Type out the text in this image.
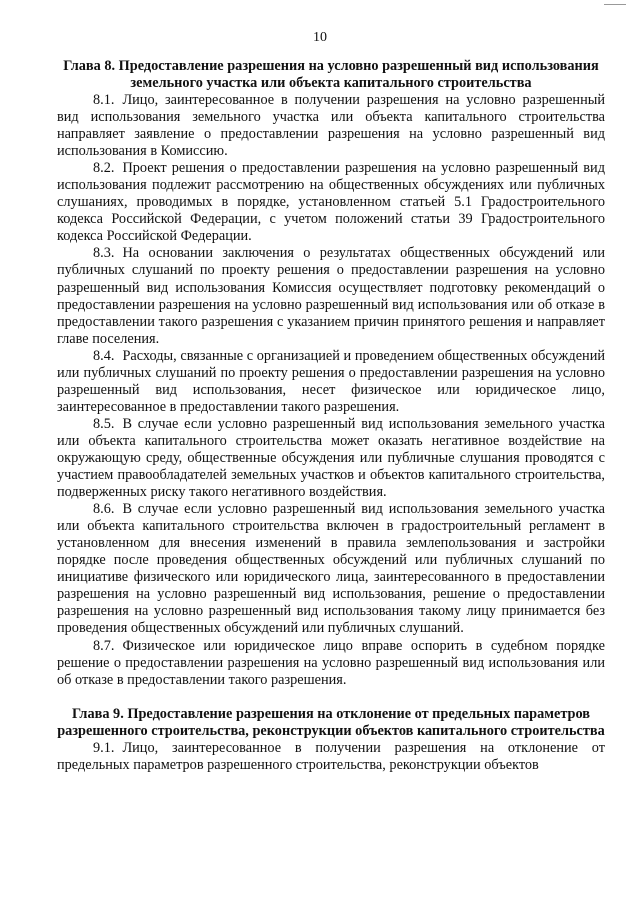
10
Глава 8. Предоставление разрешения на условно разрешенный вид использования земельного участка или объекта капитального строительства

8.1. Лицо, заинтересованное в получении разрешения на условно разрешенный вид использования земельного участка или объекта капитального строительства направляет заявление о предоставлении разрешения на условно разрешенный вид использования в Комиссию.

8.2. Проект решения о предоставлении разрешения на условно разрешенный вид использования подлежит рассмотрению на общественных обсуждениях или публичных слушаниях, проводимых в порядке, установленном статьей 5.1 Градостроительного кодекса Российской Федерации, с учетом положений статьи 39 Градостроительного кодекса Российской Федерации.

8.3. На основании заключения о результатах общественных обсуждений или публичных слушаний по проекту решения о предоставлении разрешения на условно разрешенный вид использования Комиссия осуществляет подготовку рекомендаций о предоставлении разрешения на условно разрешенный вид использования или об отказе в предоставлении такого разрешения с указанием причин принятого решения и направляет главе поселения.

8.4. Расходы, связанные с организацией и проведением общественных обсуждений или публичных слушаний по проекту решения о предоставлении разрешения на условно разрешенный вид использования, несет физическое или юридическое лицо, заинтересованное в предоставлении такого разрешения.

8.5. В случае если условно разрешенный вид использования земельного участка или объекта капитального строительства может оказать негативное воздействие на окружающую среду, общественные обсуждения или публичные слушания проводятся с участием правообладателей земельных участков и объектов капитального строительства, подверженных риску такого негативного воздействия.

8.6. В случае если условно разрешенный вид использования земельного участка или объекта капитального строительства включен в градостроительный регламент в установленном для внесения изменений в правила землепользования и застройки порядке после проведения общественных обсуждений или публичных слушаний по инициативе физического или юридического лица, заинтересованного в предоставлении разрешения на условно разрешенный вид использования, решение о предоставлении разрешения на условно разрешенный вид использования такому лицу принимается без проведения общественных обсуждений или публичных слушаний.

8.7. Физическое или юридическое лицо вправе оспорить в судебном порядке решение о предоставлении разрешения на условно разрешенный вид использования или об отказе в предоставлении такого разрешения.

Глава 9. Предоставление разрешения на отклонение от предельных параметров разрешенного строительства, реконструкции объектов капитального строительства

9.1. Лицо, заинтересованное в получении разрешения на отклонение от предельных параметров разрешенного строительства, реконструкции объектов
